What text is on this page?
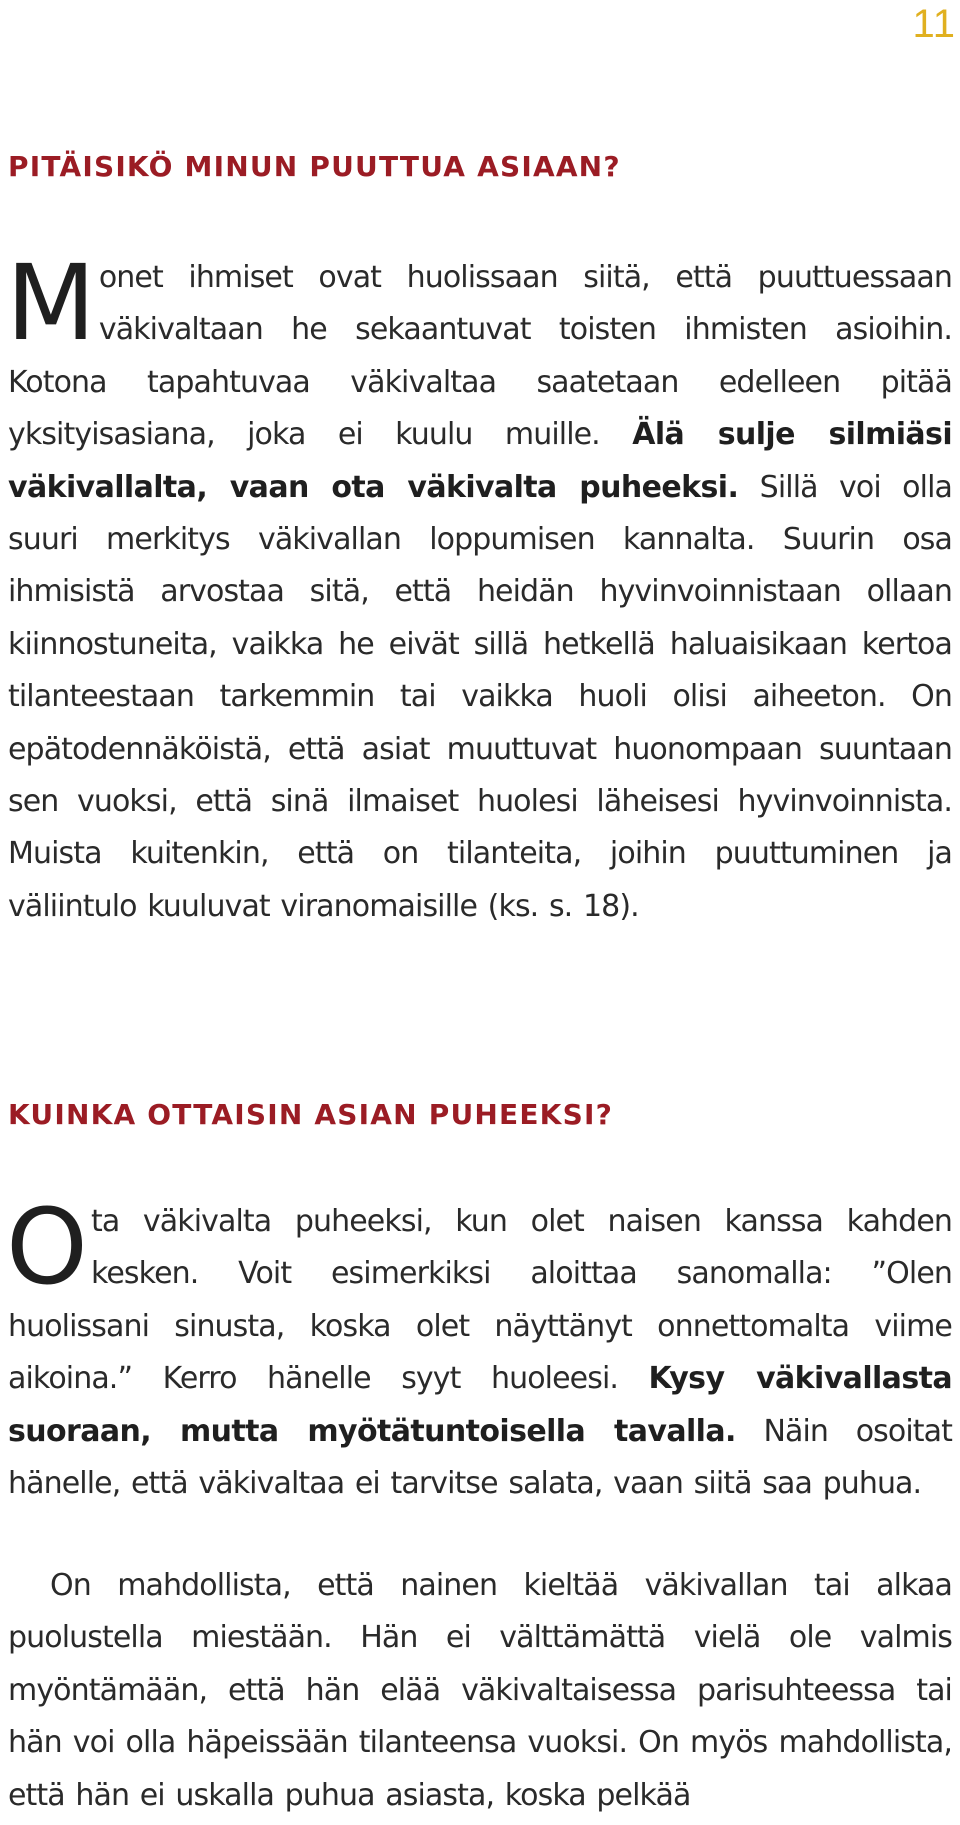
11
PITÄISIKÖ MINUN PUUTTUA ASIAAN?

Monet ihmiset ovat huolissaan siitä, että puuttuessaan väkivaltaan he sekaantuvat toisten ihmisten asioihin. Kotona tapahtuvaa väkivaltaa saatetaan edelleen pitää yksityisasiana, joka ei kuulu muille. Älä sulje silmiäsi väkivallalta, vaan ota väkivalta puheeksi. Sillä voi olla suuri merkitys väkivallan loppumisen kannalta. Suurin osa ihmisistä arvostaa sitä, että heidän hyvinvoinnistaan ollaan kiinnostuneita, vaikka he eivät sillä hetkellä haluaisikaan kertoa tilanteestaan tarkemmin tai vaikka huoli olisi aiheeton. On epätodennäköistä, että asiat muuttuvat huonompaan suuntaan sen vuoksi, että sinä ilmaiset huolesi läheisesi hyvinvoinnista. Muista kuitenkin, että on tilanteita, joihin puuttuminen ja väliintulo kuuluvat viranomaisille (ks. s. 18).

KUINKA OTTAISIN ASIAN PUHEEKSI?

Ota väkivalta puheeksi, kun olet naisen kanssa kahden kesken. Voit esimerkiksi aloittaa sanomalla: ”Olen huolissani sinusta, koska olet näyttänyt onnettomalta viime aikoina.” Kerro hänelle syyt huoleesi. Kysy väkivallasta suoraan, mutta myötätuntoisella tavalla. Näin osoitat hänelle, että väkivaltaa ei tarvitse salata, vaan siitä saa puhua.

On mahdollista, että nainen kieltää väkivallan tai alkaa puolustella miestään. Hän ei välttämättä vielä ole valmis myöntämään, että hän elää väkivaltaisessa parisuhteessa tai hän voi olla häpeissään tilanteensa vuoksi. On myös mahdollista, että hän ei uskalla puhua asiasta, koska pelkää
